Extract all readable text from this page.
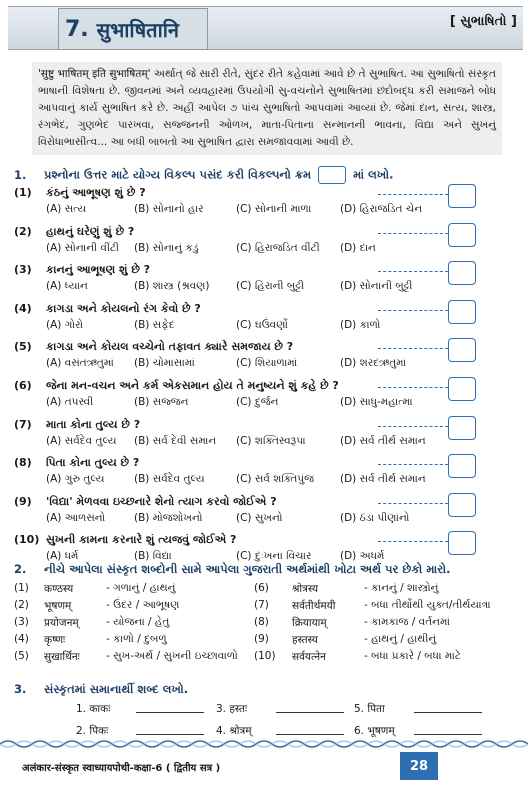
7. सुभाषितानि	[ સુભાષિતો ]
'सुष्टु भाषितम् इति सुभाषितम्' અર્થાત્ જે સારી રીતે, સુંદર રીતે કહેવામાં આવે છે તે સુભાષિત. આ સુભાષિતો સંસ્કૃત ભાષાની વિશેષતા છે. જીવનમાં અને વ્યવહારમાં ઉપયોગી સુ-વચનોને સુભાષિતમાં છંદોબદ્ધ કરી સમાજને બોધ આપવાનું કાર્ય સુભાષિત કરે છે. અહીં આપેલ ૭ પાંચ સુભાષિતો આપવામાં આવ્યાં છે. જેમાં દાન, સત્ય, શાસ્ત્ર, રંગભેદ, ગુણભેદ પારખવા, સજ્જનની ઓળખ, માતા-પિતાના સન્માનની ભાવના, વિદ્યા અને સુખનું વિરોધાભાસીત્વ... આ બધી બાબતો આ સુભાષિત દ્વારા સમજાવવામાં આવી છે.
1. પ્રશ્નોના ઉત્તર માટે યોગ્ય વિકલ્પ પસંદ કરી વિકલ્પનો ક્રમ	માં લખો.
(1) કંઠનું આભૂષણ શું છે ?
(A) સત્ય	(B) સોનાનો હાર	(C) સોનાની માળા	(D) હિરાજડિત ચેન
(2) હાથનું ઘરેણું શું છે ?
(A) સોનાની વીંટી (B) સોનાનું કડું	(C) હિરાજડિત વીંટી (D) દાન
(3) કાનનું આભૂષણ શું છે ?
(A) ધ્યાન	(B) શાસ્ત્ર (શ્રવણ)	(C) હિરાની બુટ્ટી	(D) સોનાની બુટ્ટી
(4) કાગડા અને કોયલનો રંગ કેવો છે ?
(A) ગોરો	(B) સફેદ	(C) ઘઉંવર્ણો	(D) કાળો
(5) કાગડા અને કોયલ વચ્ચેનો તફાવત ક્યારે સમજાય છે ?
(A) વસંતઋતુમાં (B) ચોમાસામાં	(C) શિયાળામાં	(D) શરદઋતુમાં
(6) જેના મન-વચન અને કર્મ એકસમાન હોય તે મનુષ્યને શું કહે છે ?
(A) તપસ્વી	(B) સજ્જન	(C) દુર્જન	(D) સાધુ-મહાત્મા
(7) માતા કોના તુલ્ય છે ?
(A) સર્વદેવ તુલ્ય (B) સર્વ દેવી સમાન (C) શક્તિસ્વરૂપા	(D) સર્વ તીર્થ સમાન
(8) પિતા કોના તુલ્ય છે ?
(A) ગુરુ તુલ્ય	(B) સર્વદેવ તુલ્ય	(C) સર્વ શક્તિપુંજ (D) સર્વ તીર્થ સમાન
(9) 'વિદ્યા' મેળવવા ઇચ્છનારે શેનો ત્યાગ કરવો જોઈએ ?
(A) આળસનો	(B) મોજશોખનો	(C) સુખનો	(D) ઠંડા પીણાંનો
(10) સુખની કામના કરનારે શું ત્યજવું જોઈએ ?
(A) ધર્મ	(B) વિદ્યા	(C) દુઃખના વિચાર	(D) અધર્મ
2. નીચે આપેલા સંસ્કૃત શબ્દોની સામે આપેલા ગુજરાતી અર્થમાંથી ખોટા અર્થ પર છેકો મારો.
(1) कण्ठस्य	- ગળાનું / હાથનું	(6) श्रोत्रस्य	- કાનનું / શાસ્ત્રોનું
(2) भूषणम्	- ઉંદર / આભૂષણ	(7) सर्वतीर्थमयी	- બધા તીર્થોથી યુક્ત/તીર્થયાત્રા
(3) प्रयोजनम्	- યોજના / હેતુ	(8) क्रियायाम्	- કામકાજ / વર્તનમાં
(4) कृष्णः	- કાળો / દુબળું	(9) हस्तस्य	- હાથનું / હાથીનું
(5) सुखार्थिनः - સુખ-અર્થ / સુખની ઇચ્છાવાળો (10) सर्वयत्नेन	- બધા પ્રકારે / બધા માટે
3. સંસ્કૃતમાં સમાનાર્થી શબ્દ લખો.
1. काकः	3. हस्तः	5. पिता
2. पिकः	4. श्रोत्रम्	6. भूषणम्
अलंकार-संस्कृत स्वाध्यायपोथी-कक्षा-6 ( द्वितीय सत्र )	28
